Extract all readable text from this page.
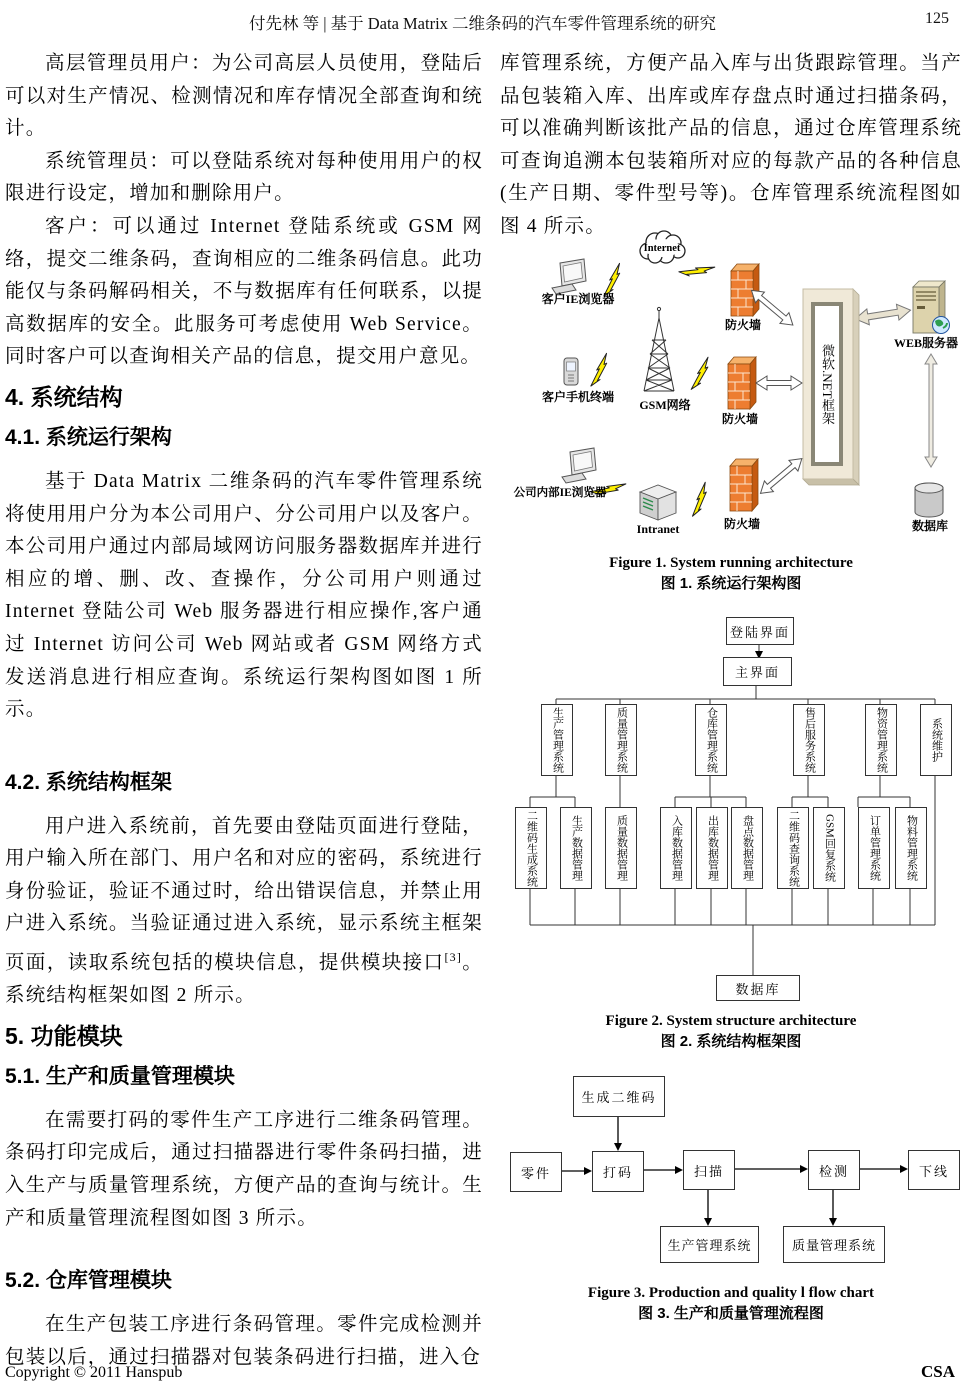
付先林 等 | 基于 Data Matrix 二维条码的汽车零件管理系统的研究	125

高层管理员用户：为公司高层人员使用，登陆后可以对生产情况、检测情况和库存情况全部查询和统计。

系统管理员：可以登陆系统对每种使用用户的权限进行设定，增加和删除用户。

客户：可以通过 Internet 登陆系统或 GSM 网络，提交二维条码，查询相应的二维条码信息。此功能仅与条码解码相关，不与数据库有任何联系，以提高数据库的安全。此服务可考虑使用 Web Service。同时客户可以查询相关产品的信息，提交用户意见。

4. 系统结构
4.1. 系统运行架构

基于 Data Matrix 二维条码的汽车零件管理系统将使用用户分为本公司用户、分公司用户以及客户。本公司用户通过内部局域网访问服务器数据库并进行相应的增、删、改、查操作，分公司用户则通过 Internet 登陆公司 Web 服务器进行相应操作,客户通过 Internet 访问公司 Web 网站或者 GSM 网络方式发送消息进行相应查询。系统运行架构图如图 1 所示。

4.2. 系统结构框架

用户进入系统前，首先要由登陆页面进行登陆，用户输入所在部门、用户名和对应的密码，系统进行身份验证，验证不通过时，给出错误信息，并禁止用户进入系统。当验证通过进入系统，显示系统主框架页面，读取系统包括的模块信息，提供模块接口[3]。系统结构框架如图 2 所示。

5. 功能模块
5.1. 生产和质量管理模块

在需要打码的零件生产工序进行二维条码管理。条码打印完成后，通过扫描器进行零件条码扫描，进入生产与质量管理系统，方便产品的查询与统计。生产和质量管理流程图如图 3 所示。

5.2. 仓库管理模块

在生产包装工序进行条码管理。零件完成检测并包装以后，通过扫描器对包装条码进行扫描，进入仓

库管理系统，方便产品入库与出货跟踪管理。当产品包装箱入库、出库或库存盘点时通过扫描条码，可以准确判断该批产品的信息，通过仓库管理系统可查询追溯本包装箱所对应的每款产品的各种信息(生产日期、零件型号等)。仓库管理系统流程图如图 4 所示。

Internet
客户IE浏览器
防火墙
客户手机终端
GSM网络
防火墙
公司内部IE浏览器
Intranet	防火墙
微软.NET框架
WEB服务器
数据库
Figure 1. System running architecture
图 1. 系统运行架构图
登陆界面
主界面
生产管理系统	质量管理系统	仓库管理系统	售后服务系统	物资管理系统	系统维护
二维码生成系统	生产数据管理	质量数据管理	入库数据管理	出库数据管理	盘点数据管理	二维码查询系统	GSM回复系统	订单管理系统	物料管理系统
数据库
Figure 2. System structure architecture
图 2. 系统结构框架图
生成二维码
零件	打码	扫描	检测	下线
生产管理系统	质量管理系统
Figure 3. Production and quality l flow chart
图 3. 生产和质量管理流程图
Copyright © 2011 Hanspub	CSA
